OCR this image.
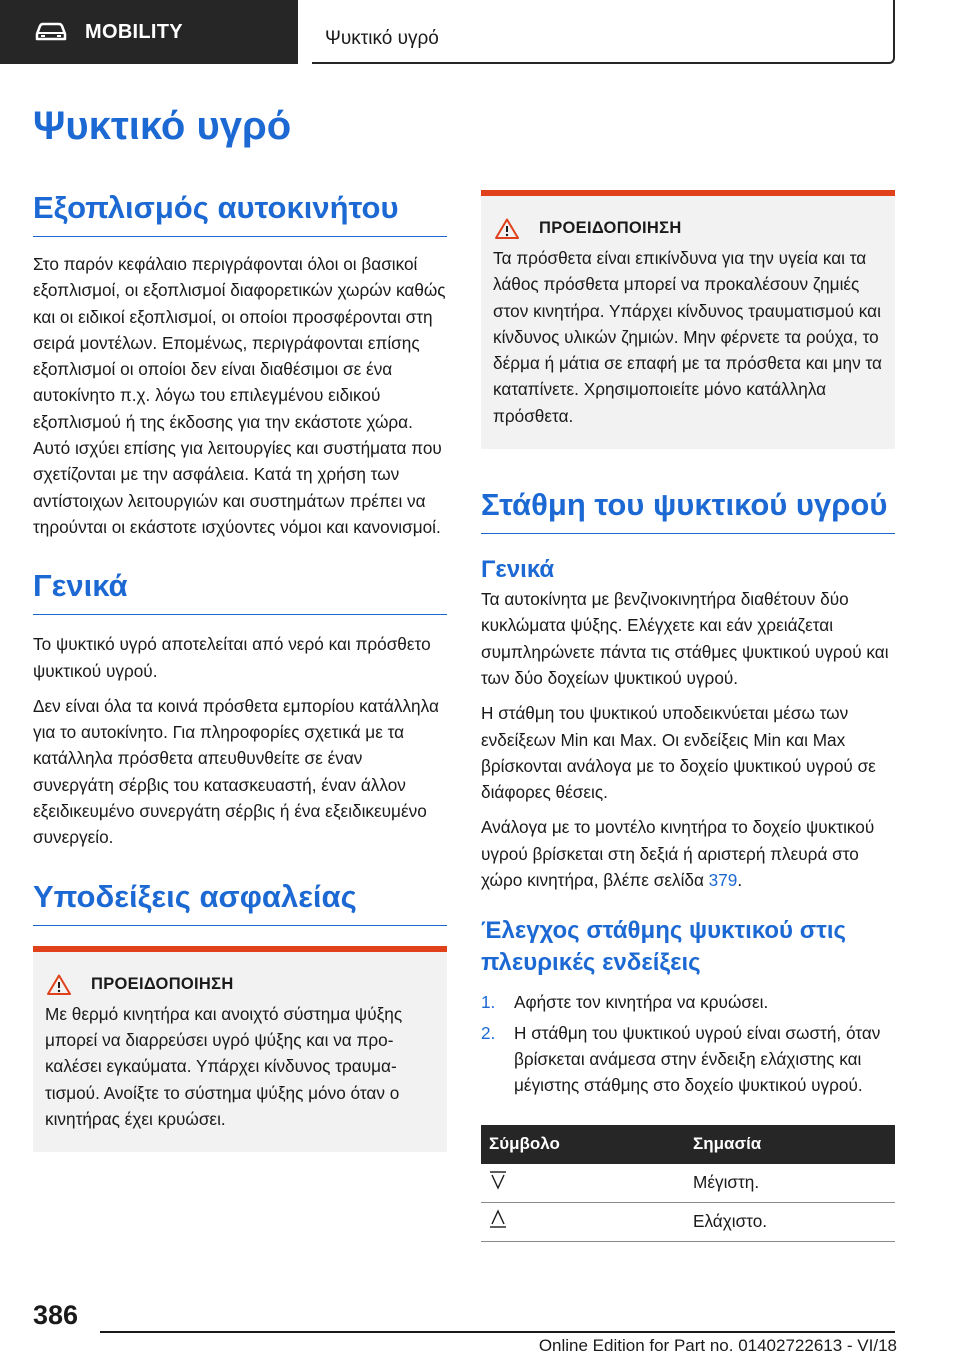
MOBILITY	Ψυκτικό υγρό
Ψυκτικό υγρό
Εξοπλισμός αυτοκινήτου

Στο παρόν κεφάλαιο περιγράφονται όλοι οι βασικοί εξοπλισμοί, οι εξοπλισμοί διαφορετικών χωρών καθώς και οι ειδικοί εξοπλισμοί, οι οποίοι προσφέρονται στη σειρά μοντέλων. Επομένως, περιγράφονται επίσης εξοπλισμοί οι οποίοι δεν είναι διαθέσιμοι σε ένα αυτοκίνητο π.χ. λόγω του επιλεγμένου ειδικού εξοπλισμού ή της έκδοσης για την εκάστοτε χώρα. Αυτό ισχύει επίσης για λειτουργίες και συστήματα που σχετίζονται με την ασφάλεια. Κατά τη χρήση των αντίστοιχων λειτουργιών και συστημάτων πρέπει να τηρούνται οι εκάστοτε ισχύοντες νόμοι και κανονισμοί.

Γενικά

Το ψυκτικό υγρό αποτελείται από νερό και πρόσθετο ψυκτικού υγρού.

Δεν είναι όλα τα κοινά πρόσθετα εμπορίου κατάλληλα για το αυτοκίνητο. Για πληροφορίες σχετικά με τα κατάλληλα πρόσθετα απευθυνθείτε σε έναν συνεργάτη σέρβις του κατασκευαστή, έναν άλλον εξειδικευμένο συνεργάτη σέρβις ή ένα εξειδικευμένο συνεργείο.

Υποδείξεις ασφαλείας
ΠΡΟΕΙΔΟΠΟΙΗΣΗ

Με θερμό κινητήρα και ανοιχτό σύστημα ψύξης μπορεί να διαρρεύσει υγρό ψύξης και να προκαλέσει εγκαύματα. Υπάρχει κίνδυνος τραυματισμού. Ανοίξτε το σύστημα ψύξης μόνο όταν ο κινητήρας έχει κρυώσει.

ΠΡΟΕΙΔΟΠΟΙΗΣΗ

Τα πρόσθετα είναι επικίνδυνα για την υγεία και τα λάθος πρόσθετα μπορεί να προκαλέσουν ζημιές στον κινητήρα. Υπάρχει κίνδυνος τραυματισμού και κίνδυνος υλικών ζημιών. Μην φέρνετε τα ρούχα, το δέρμα ή μάτια σε επαφή με τα πρόσθετα και μην τα καταπίνετε. Χρησιμοποιείτε μόνο κατάλληλα πρόσθετα.

Στάθμη του ψυκτικού υγρού
Γενικά

Τα αυτοκίνητα με βενζινοκινητήρα διαθέτουν δύο κυκλώματα ψύξης. Ελέγχετε και εάν χρειάζεται συμπληρώνετε πάντα τις στάθμες ψυκτικού υγρού και των δύο δοχείων ψυκτικού υγρού.

Η στάθμη του ψυκτικού υποδεικνύεται μέσω των ενδείξεων Min και Max. Οι ενδείξεις Min και Max βρίσκονται ανάλογα με το δοχείο ψυκτικού υγρού σε διάφορες θέσεις.

Ανάλογα με το μοντέλο κινητήρα το δοχείο ψυκτικού υγρού βρίσκεται στη δεξιά ή αριστερή πλευρά στο χώρο κινητήρα, βλέπε σελίδα 379.

Έλεγχος στάθμης ψυκτικού στις πλευρικές ενδείξεις
1. Αφήστε τον κινητήρα να κρυώσει.
2. Η στάθμη του ψυκτικού υγρού είναι σωστή, όταν βρίσκεται ανάμεσα στην ένδειξη ελάχιστης και μέγιστης στάθμης στο δοχείο ψυκτικού υγρού.
Σύμβολο	Σημασία
	Μέγιστη.
	Ελάχιστο.
386
Online Edition for Part no. 01402722613 - VI/18
